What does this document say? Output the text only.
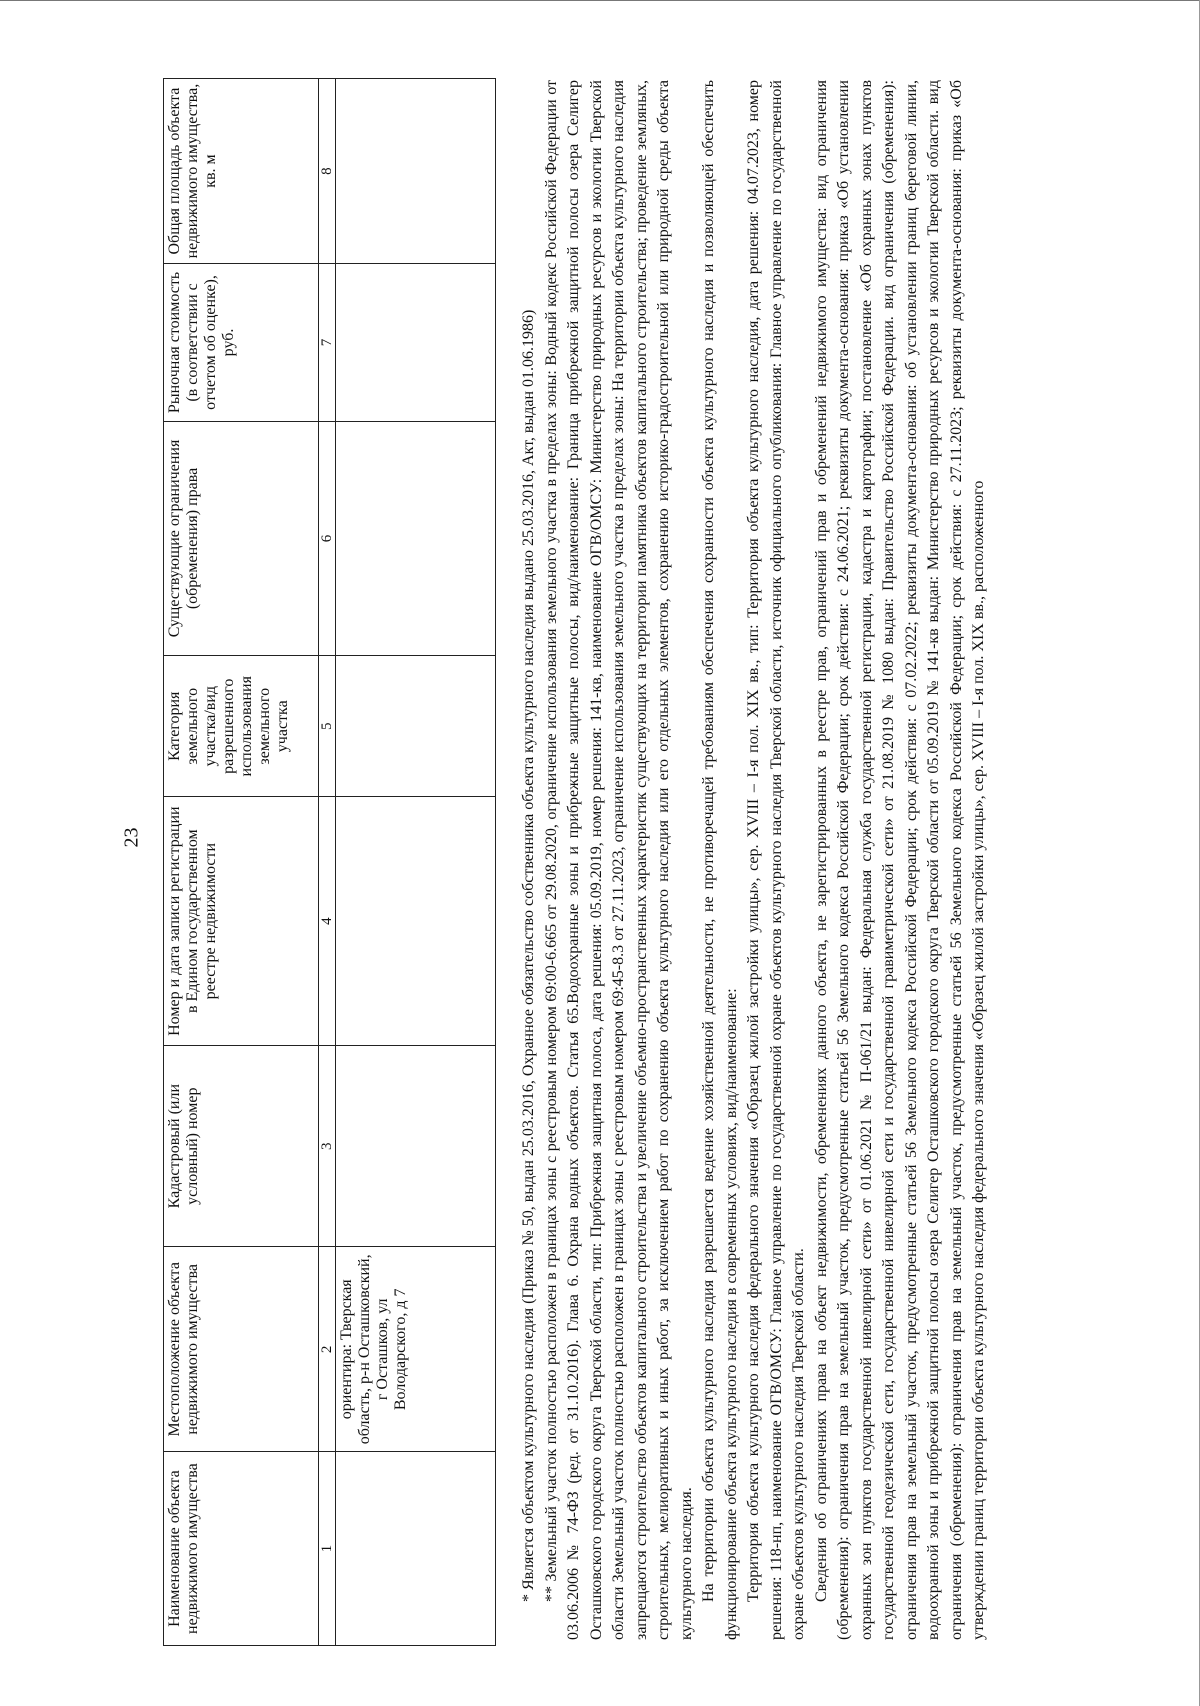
23
Наименование объекта недвижимого имущества	Местоположение объекта недвижимого имущества	Кадастровый (или условный) номер	Номер и дата записи регистрации в Едином государственном реестре недвижимости	Категория земельного участка/вид разрешенного использования земельного участка	Существующие ограничения (обременения) права	Рыночная стоимость (в соответствии с отчетом об оценке), руб.	Общая площадь объекта недвижимого имущества, кв. м
1	2	3	4	5	6	7	8
	ориентира: Тверская область, р-н Осташковский, г Осташков, ул Володарского, д 7							* Является объектом культурного наследия (Приказ № 50, выдан 25.03.2016, Охранное обязательство собственника объекта культурного наследия выдано 25.03.2016, Акт, выдан 01.06.1986) ** Земельный участок полностью расположен в границах зоны с реестровым номером 69:00-6.665 от 29.08.2020, ограничение использования земельного участка в пределах зоны: Водный кодекс Российской Федерации от 03.06.2006 № 74-ФЗ (ред. от 31.10.2016). Глава 6. Охрана водных объектов. Статья 65.Водоохранные зоны и прибрежные защитные полосы, вид/наименование: Граница прибрежной защитной полосы озера Селигер Осташковского городского округа Тверской области, тип: Прибрежная защитная полоса, дата решения: 05.09.2019, номер решения: 141-кв, наименование ОГВ/ОМСУ: Министерство природных ресурсов и экологии Тверской области Земельный участок полностью расположен в границах зоны с реестровым номером 69:45-8.3 от 27.11.2023, ограничение использования земельного участка в пределах зоны: На территории объекта культурного наследия запрещаются строительство объектов капитального строительства и увеличение объемно-пространственных характеристик существующих на территории памятника объектов капитального строительства; проведение земляных, строительных, мелиоративных и иных работ, за исключением работ по сохранению объекта культурного наследия или его отдельных элементов, сохранению историко-градостроительной или природной среды объекта культурного наследия. На территории объекта культурного наследия разрешается ведение хозяйственной деятельности, не противоречащей требованиям обеспечения сохранности объекта культурного наследия и позволяющей обеспечить функционирование объекта культурного наследия в современных условиях, вид/наименование: Территория объекта культурного наследия федерального значения «Образец жилой застройки улицы», сер. XVIII – I-я пол. XIX вв., тип: Территория объекта культурного наследия, дата решения: 04.07.2023, номер решения: 118-нп, наименование ОГВ/ОМСУ: Главное управление по государственной охране объектов культурного наследия Тверской области, источник официального опубликования: Главное управление по государственной охране объектов культурного наследия Тверской области. Сведения об ограничениях права на объект недвижимости, обременениях данного объекта, не зарегистрированных в реестре прав, ограничений прав и обременений недвижимого имущества: вид ограничения (обременения): ограничения прав на земельный участок, предусмотренные статьей 56 Земельного кодекса Российской Федерации; срок действия: с 24.06.2021; реквизиты документа-основания: приказ «Об установлении охранных зон пунктов государственной нивелирной сети» от 01.06.2021 № П-061/21 выдан: Федеральная служба государственной регистрации, кадастра и картографии; постановление «Об охранных зонах пунктов государственной геодезической сети, государственной нивелирной сети и государственной гравиметрической сети» от 21.08.2019 № 1080 выдан: Правительство Российской Федерации. вид ограничения (обременения): ограничения прав на земельный участок, предусмотренные статьей 56 Земельного кодекса Российской Федерации; срок действия: с 07.02.2022; реквизиты документа-основания: об установлении границ береговой линии, водоохранной зоны и прибрежной защитной полосы озера Селигер Осташковского городского округа Тверской области от 05.09.2019 № 141-кв выдан: Министерство природных ресурсов и экологии Тверской области. вид ограничения (обременения): ограничения прав на земельный участок, предусмотренные статьей 56 Земельного кодекса Российской Федерации; срок действия: с 27.11.2023; реквизиты документа-основания: приказ «Об утверждении границ территории объекта культурного наследия федерального значения «Образец жилой застройки улицы», сер. XVIII – I-я пол. XIX вв., расположенного
